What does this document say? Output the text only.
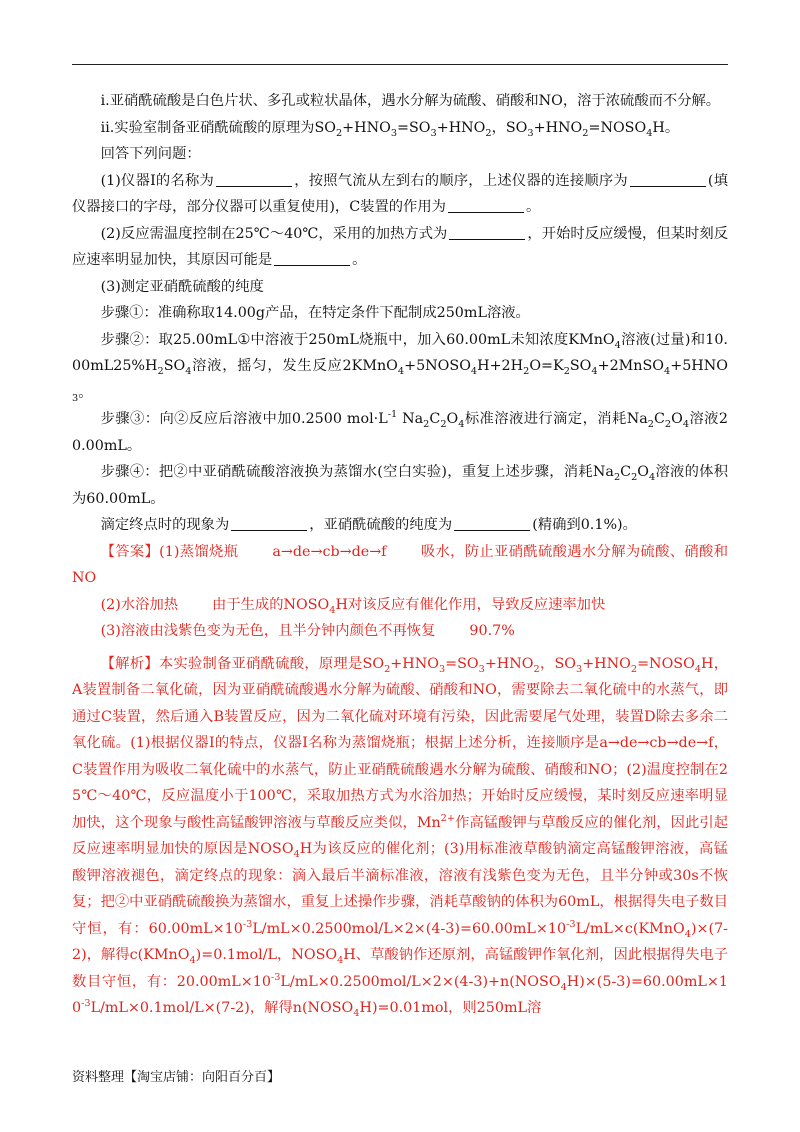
ⅰ.亚硝酰硫酸是白色片状、多孔或粒状晶体，遇水分解为硫酸、硝酸和NO，溶于浓硫酸而不分解。

ⅱ.实验室制备亚硝酰硫酸的原理为$SO_2+HNO_3=SO_3+HNO_2$，$SO_3+HNO_2=NOSO_4H$。

回答下列问题：

(1)仪器Ⅰ的名称为	，按照气流从左到右的顺序，上述仪器的连接顺序为	(填仪器接口的字母，部分仪器可以重复使用)，C装置的作用为	。

(2)反应需温度控制在25℃～40℃，采用的加热方式为	，开始时反应缓慢，但某时刻反应速率明显加快，其原因可能是	。

(3)测定亚硝酰硫酸的纯度

步骤①：准确称取14.00g产品，在特定条件下配制成250mL溶液。

步骤②：取25.00mL①中溶液于250mL烧瓶中，加入60.00mL未知浓度KMnO$_4$溶液(过量)和$10.00mL25\%H_2SO_4$溶液，摇匀，发生反应$2KMnO_4+5NOSO_4H+2H_2O=K_2SO_4+2MnSO_4+5HNO_3$。

步骤③：向②反应后溶液中加0.2500 $mol\cdot L^{-1}$ $Na_2C_2O_4$标准溶液进行滴定，消耗$Na_2C_2O_4$溶液20.00mL。

步骤④：把②中亚硝酰硫酸溶液换为蒸馏水(空白实验)，重复上述步骤，消耗$Na_2C_2O_4$溶液的体积为60.00mL。

滴定终点时的现象为	，亚硝酰硫酸的纯度为	(精确到0.1%)。

【答案】(1)蒸馏烧瓶 a→de→cb→de→f 吸水，防止亚硝酰硫酸遇水分解为硫酸、硝酸和NO

(2)水浴加热 由于生成的$NOSO_4H$对该反应有催化作用，导致反应速率加快

(3)溶液由浅紫色变为无色，且半分钟内颜色不再恢复 90.7%

【解析】本实验制备亚硝酰硫酸，原理是$SO_2+HNO_3=SO_3+HNO_2$，$SO_3+HNO_2=NOSO_4H$，A装置制备二氧化硫，因为亚硝酰硫酸遇水分解为硫酸、硝酸和NO，需要除去二氧化硫中的水蒸气，即通过C装置，然后通入B装置反应，因为二氧化硫对环境有污染，因此需要尾气处理，装置D除去多余二氧化硫。(1)根据仪器Ⅰ的特点，仪器Ⅰ名称为蒸馏烧瓶；根据上述分析，连接顺序是a→de→cb→de→f，C装置作用为吸收二氧化硫中的水蒸气，防止亚硝酰硫酸遇水分解为硫酸、硝酸和NO；(2)温度控制在25℃～40℃，反应温度小于100℃，采取加热方式为水浴加热；开始时反应缓慢，某时刻反应速率明显加快，这个现象与酸性高锰酸钾溶液与草酸反应类似，$Mn^{2+}$作高锰酸钾与草酸反应的催化剂，因此引起反应速率明显加快的原因是$NOSO_4H$为该反应的催化剂；(3)用标准液草酸钠滴定高锰酸钾溶液，高锰酸钾溶液褪色，滴定终点的现象：滴入最后半滴标准液，溶液有浅紫色变为无色，且半分钟或30s不恢复；把②中亚硝酰硫酸换为蒸馏水，重复上述操作步骤，消耗草酸钠的体积为60mL，根据得失电子数目守恒，有：$60.00mL\times 10^{-3}L/mL\times 0.2500mol/L\times 2\times(4-3)=60.00mL\times 10^{-3}L/mL\times c(KMnO_4)\times(7-2)$，解得c(KMnO$_4$)=0.1mol/L，$NOSO_4H$、草酸钠作还原剂，高锰酸钾作氧化剂，因此根据得失电子数目守恒，有：$20.00mL\times 10^{-3}L/mL\times 0.2500mol/L\times 2\times(4-3)+n(NOSO_4H)\times(5-3)=60.00mL\times 10^{-3}L/mL\times 0.1mol/L\times(7-2)$，解得$n(NOSO_4H)=0.01mol$，则250mL溶

资料整理【淘宝店铺：向阳百分百】
